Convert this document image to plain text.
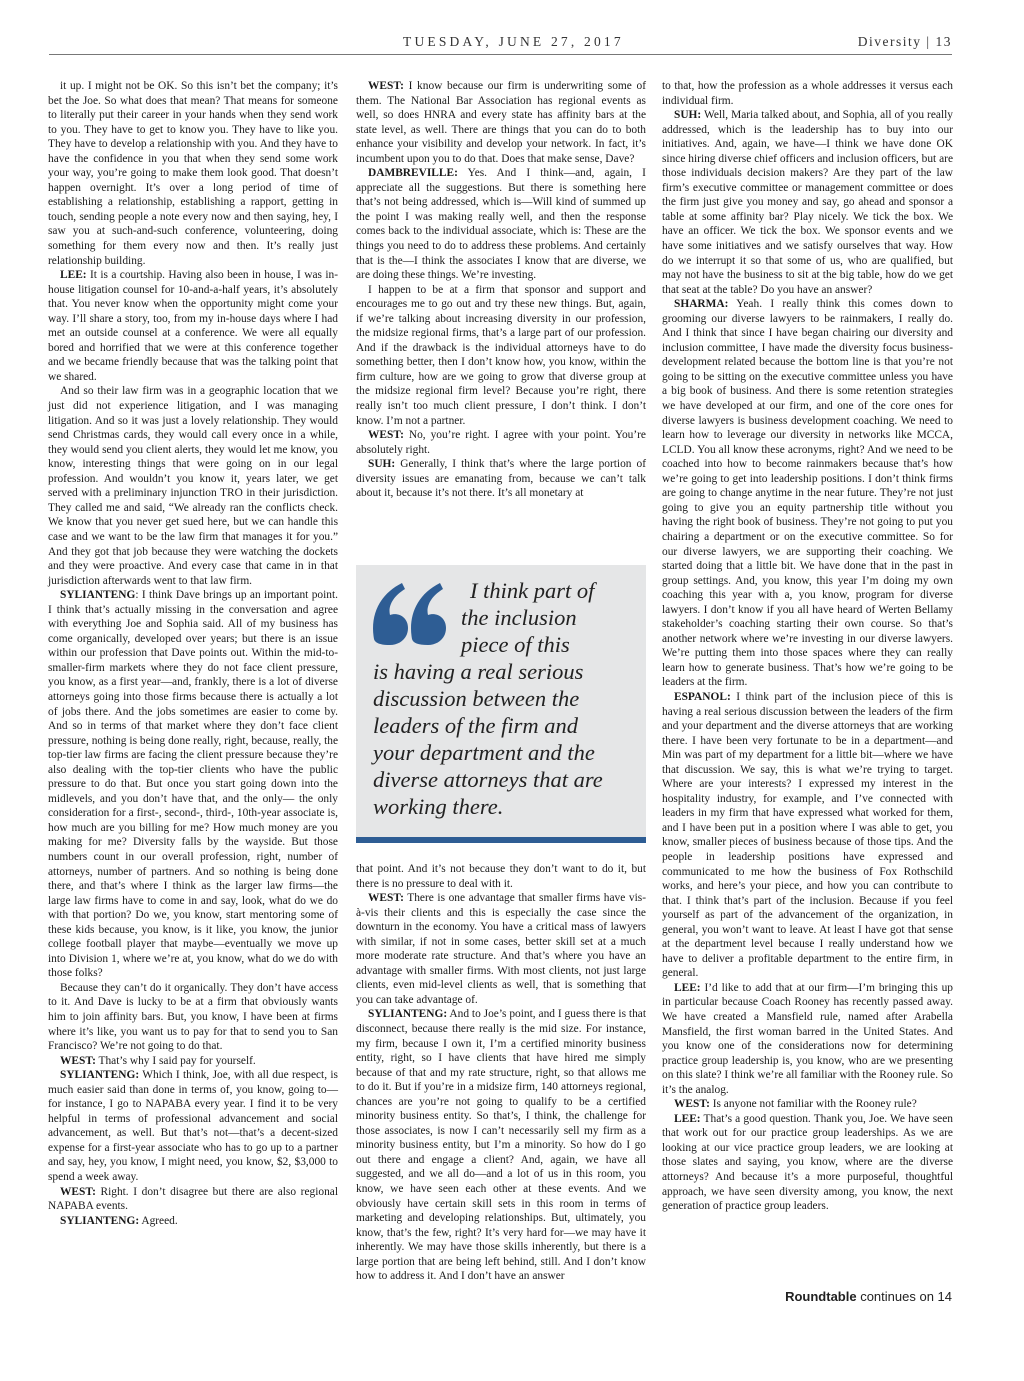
TUESDAY, JUNE 27, 2017	Diversity | 13

it up. I might not be OK. So this isn’t bet the company; it’s bet the Joe. So what does that mean? That means for someone to literally put their career in your hands when they send work to you. They have to get to know you. They have to like you. They have to develop a relationship with you. And they have to have the confidence in you that when they send some work your way, you’re going to make them look good. That doesn’t happen overnight. It’s over a long period of time of establishing a relationship, establishing a rapport, getting in touch, sending people a note every now and then saying, hey, I saw you at such-and-such conference, volunteering, doing something for them every now and then. It’s really just relationship building.

LEE: It is a courtship. Having also been in house, I was in-house litigation counsel for 10-and-a-half years, it’s absolutely that. You never know when the opportunity might come your way. I’ll share a story, too, from my in-house days where I had met an outside counsel at a conference. We were all equally bored and horrified that we were at this conference together and we became friendly because that was the talking point that we shared.

And so their law firm was in a geographic location that we just did not experience litigation, and I was managing litigation. And so it was just a lovely relationship. They would send Christmas cards, they would call every once in a while, they would send you client alerts, they would let me know, you know, interesting things that were going on in our legal profession. And wouldn’t you know it, years later, we get served with a preliminary injunction TRO in their jurisdiction. They called me and said, “We already ran the conflicts check. We know that you never get sued here, but we can handle this case and we want to be the law firm that manages it for you.” And they got that job because they were watching the dockets and they were proactive. And every case that came in in that jurisdiction afterwards went to that law firm.

SYLIANTENG: I think Dave brings up an important point. I think that’s actually missing in the conversation and agree with everything Joe and Sophia said. All of my business has come organically, developed over years; but there is an issue within our profession that Dave points out. Within the mid-to-smaller-firm markets where they do not face client pressure, you know, as a first year—and, frankly, there is a lot of diverse attorneys going into those firms because there is actually a lot of jobs there. And the jobs sometimes are easier to come by. And so in terms of that market where they don’t face client pressure, nothing is being done really, right, because, really, the top-tier law firms are facing the client pressure because they’re also dealing with the top-tier clients who have the public pressure to do that. But once you start going down into the midlevels, and you don’t have that, and the only— the only consideration for a first-, second-, third-, 10th-year associate is, how much are you billing for me? How much money are you making for me? Diversity falls by the wayside. But those numbers count in our overall profession, right, number of attorneys, number of partners. And so nothing is being done there, and that’s where I think as the larger law firms—the large law firms have to come in and say, look, what do we do with that portion? Do we, you know, start mentoring some of these kids because, you know, is it like, you know, the junior college football player that maybe—eventually we move up into Division 1, where we’re at, you know, what do we do with those folks?

Because they can’t do it organically. They don’t have access to it. And Dave is lucky to be at a firm that obviously wants him to join affinity bars. But, you know, I have been at firms where it’s like, you want us to pay for that to send you to San Francisco? We’re not going to do that.

WEST: That’s why I said pay for yourself.

SYLIANTENG: Which I think, Joe, with all due respect, is much easier said than done in terms of, you know, going to—for instance, I go to NAPABA every year. I find it to be very helpful in terms of professional advancement and social advancement, as well. But that’s not—that’s a decent-sized expense for a first-year associate who has to go up to a partner and say, hey, you know, I might need, you know, $2, $3,000 to spend a week away.

WEST: Right. I don’t disagree but there are also regional NAPABA events.

SYLIANTENG: Agreed.

WEST: I know because our firm is underwriting some of them. The National Bar Association has regional events as well, so does HNRA and every state has affinity bars at the state level, as well. There are things that you can do to both enhance your visibility and develop your network. In fact, it’s incumbent upon you to do that. Does that make sense, Dave?

DAMBREVILLE: Yes. And I think—and, again, I appreciate all the suggestions. But there is something here that’s not being addressed, which is—Will kind of summed up the point I was making really well, and then the response comes back to the individual associate, which is: These are the things you need to do to address these problems. And certainly that is the—I think the associates I know that are diverse, we are doing these things. We’re investing.

I happen to be at a firm that sponsor and support and encourages me to go out and try these new things. But, again, if we’re talking about increasing diversity in our profession, the midsize regional firms, that’s a large part of our profession. And if the drawback is the individual attorneys have to do something better, then I don’t know how, you know, within the firm culture, how are we going to grow that diverse group at the midsize regional firm level? Because you’re right, there really isn’t too much client pressure, I don’t think. I don’t know. I’m not a partner.

WEST: No, you’re right. I agree with your point. You’re absolutely right.

SUH: Generally, I think that’s where the large portion of diversity issues are emanating from, because we can’t talk about it, because it’s not there. It’s all monetary at

I think part of
the inclusion
piece of this
is having a real serious
discussion between the
leaders of the firm and
your department and the
diverse attorneys that are
working there.

that point. And it’s not because they don’t want to do it, but there is no pressure to deal with it.

WEST: There is one advantage that smaller firms have vis-à-vis their clients and this is especially the case since the downturn in the economy. You have a critical mass of lawyers with similar, if not in some cases, better skill set at a much more moderate rate structure. And that’s where you have an advantage with smaller firms. With most clients, not just large clients, even mid-level clients as well, that is something that you can take advantage of.

SYLIANTENG: And to Joe’s point, and I guess there is that disconnect, because there really is the mid size. For instance, my firm, because I own it, I’m a certified minority business entity, right, so I have clients that have hired me simply because of that and my rate structure, right, so that allows me to do it. But if you’re in a midsize firm, 140 attorneys regional, chances are you’re not going to qualify to be a certified minority business entity. So that’s, I think, the challenge for those associates, is now I can’t necessarily sell my firm as a minority business entity, but I’m a minority. So how do I go out there and engage a client? And, again, we have all suggested, and we all do—and a lot of us in this room, you know, we have seen each other at these events. And we obviously have certain skill sets in this room in terms of marketing and developing relationships. But, ultimately, you know, that’s the few, right? It’s very hard for—we may have it inherently. We may have those skills inherently, but there is a large portion that are being left behind, still. And I don’t know how to address it. And I don’t have an answer

to that, how the profession as a whole addresses it versus each individual firm.

SUH: Well, Maria talked about, and Sophia, all of you really addressed, which is the leadership has to buy into our initiatives. And, again, we have—I think we have done OK since hiring diverse chief officers and inclusion officers, but are those individuals decision makers? Are they part of the law firm’s executive committee or management committee or does the firm just give you money and say, go ahead and sponsor a table at some affinity bar? Play nicely. We tick the box. We have an officer. We tick the box. We sponsor events and we have some initiatives and we satisfy ourselves that way. How do we interrupt it so that some of us, who are qualified, but may not have the business to sit at the big table, how do we get that seat at the table? Do you have an answer?

SHARMA: Yeah. I really think this comes down to grooming our diverse lawyers to be rainmakers, I really do. And I think that since I have began chairing our diversity and inclusion committee, I have made the diversity focus business-development related because the bottom line is that you’re not going to be sitting on the executive committee unless you have a big book of business. And there is some retention strategies we have developed at our firm, and one of the core ones for diverse lawyers is business development coaching. We need to learn how to leverage our diversity in networks like MCCA, LCLD. You all know these acronyms, right? And we need to be coached into how to become rainmakers because that’s how we’re going to get into leadership positions. I don’t think firms are going to change anytime in the near future. They’re not just going to give you an equity partnership title without you having the right book of business. They’re not going to put you chairing a department or on the executive committee. So for our diverse lawyers, we are supporting their coaching. We started doing that a little bit. We have done that in the past in group settings. And, you know, this year I’m doing my own coaching this year with a, you know, program for diverse lawyers. I don’t know if you all have heard of Werten Bellamy stakeholder’s coaching starting their own course. So that’s another network where we’re investing in our diverse lawyers. We’re putting them into those spaces where they can really learn how to generate business. That’s how we’re going to be leaders at the firm.

ESPANOL: I think part of the inclusion piece of this is having a real serious discussion between the leaders of the firm and your department and the diverse attorneys that are working there. I have been very fortunate to be in a department—and Min was part of my department for a little bit—where we have that discussion. We say, this is what we’re trying to target. Where are your interests? I expressed my interest in the hospitality industry, for example, and I’ve connected with leaders in my firm that have expressed what worked for them, and I have been put in a position where I was able to get, you know, smaller pieces of business because of those tips. And the people in leadership positions have expressed and communicated to me how the business of Fox Rothschild works, and here’s your piece, and how you can contribute to that. I think that’s part of the inclusion. Because if you feel yourself as part of the advancement of the organization, in general, you won’t want to leave. At least I have got that sense at the department level because I really understand how we have to deliver a profitable department to the entire firm, in general.

LEE: I’d like to add that at our firm—I’m bringing this up in particular because Coach Rooney has recently passed away. We have created a Mansfield rule, named after Arabella Mansfield, the first woman barred in the United States. And you know one of the considerations now for determining practice group leadership is, you know, who are we presenting on this slate? I think we’re all familiar with the Rooney rule. So it’s the analog.

WEST: Is anyone not familiar with the Rooney rule?

LEE: That’s a good question. Thank you, Joe. We have seen that work out for our practice group leaderships. As we are looking at our vice practice group leaders, we are looking at those slates and saying, you know, where are the diverse attorneys? And because it’s a more purposeful, thoughtful approach, we have seen diversity among, you know, the next generation of practice group leaders.

Roundtable continues on 14
